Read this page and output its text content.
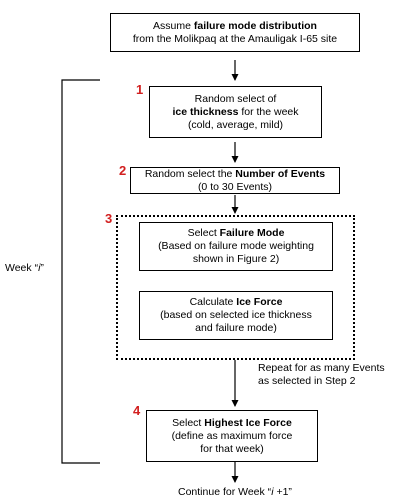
Assume failure mode distribution
from the Molikpaq at the Amauligak I-65 site
1
Random select of
ice thickness for the week
(cold, average, mild)
2 Random select the Number of Events
(0 to 30 Events)
3
Select Failure Mode
(Based on failure mode weighting
shown in Figure 2)
Calculate Ice Force
(based on selected ice thickness
and failure mode)
Repeat for as many Events
as selected in Step 2
Week “i”
4
Select Highest Ice Force
(define as maximum force
for that week)
Continue for Week “i +1”
